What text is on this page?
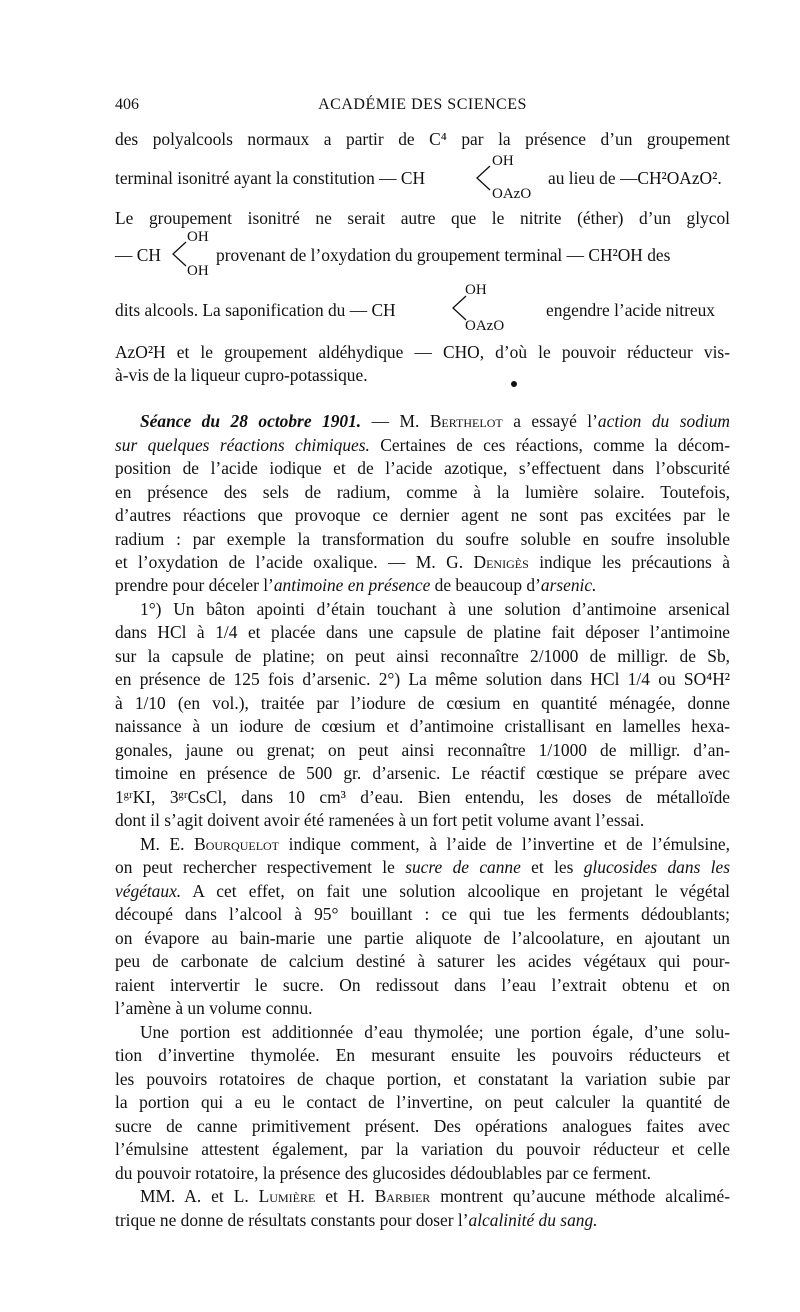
406	ACADÉMIE DES SCIENCES
des polyalcools normaux a partir de C⁴ par la présence d’un groupement
terminal isonitré ayant la constitution — CH
OH
OAzO
au lieu de —CH²OAzO².
Le groupement isonitré ne serait autre que le nitrite (éther) d’un glycol
— CH
OH
OH
provenant de l’oxydation du groupement terminal — CH²OH des
dits alcools. La saponification du — CH
OH
OAzO
engendre l’acide nitreux
AzO²H et le groupement aldéhydique — CHO, d’où le pouvoir réducteur vis-
à-vis de la liqueur cupro-potassique.
Séance du 28 octobre 1901. — M. Berthelot a essayé l’action du sodium
sur quelques réactions chimiques. Certaines de ces réactions, comme la décom-
position de l’acide iodique et de l’acide azotique, s’effectuent dans l’obscurité
en présence des sels de radium, comme à la lumière solaire. Toutefois,
d’autres réactions que provoque ce dernier agent ne sont pas excitées par le
radium : par exemple la transformation du soufre soluble en soufre insoluble
et l’oxydation de l’acide oxalique. — M. G. Denigès indique les précautions à
prendre pour déceler l’antimoine en présence de beaucoup d’arsenic.
1°) Un bâton apointi d’étain touchant à une solution d’antimoine arsenical
dans HCl à 1/4 et placée dans une capsule de platine fait déposer l’antimoine
sur la capsule de platine; on peut ainsi reconnaître 2/1000 de milligr. de Sb,
en présence de 125 fois d’arsenic. 2°) La même solution dans HCl 1/4 ou SO⁴H²
à 1/10 (en vol.), traitée par l’iodure de cœsium en quantité ménagée, donne
naissance à un iodure de cœsium et d’antimoine cristallisant en lamelles hexa-
gonales, jaune ou grenat; on peut ainsi reconnaître 1/1000 de milligr. d’an-
timoine en présence de 500 gr. d’arsenic. Le réactif cœstique se prépare avec
1ᵍʳKI, 3ᵍʳCsCl, dans 10 cm³ d’eau. Bien entendu, les doses de métalloïde
dont il s’agit doivent avoir été ramenées à un fort petit volume avant l’essai.
M. E. Bourquelot indique comment, à l’aide de l’invertine et de l’émulsine,
on peut rechercher respectivement le sucre de canne et les glucosides dans les
végétaux. A cet effet, on fait une solution alcoolique en projetant le végétal
découpé dans l’alcool à 95° bouillant : ce qui tue les ferments dédoublants;
on évapore au bain-marie une partie aliquote de l’alcoolature, en ajoutant un
peu de carbonate de calcium destiné à saturer les acides végétaux qui pour-
raient intervertir le sucre. On redissout dans l’eau l’extrait obtenu et on
l’amène à un volume connu.
Une portion est additionnée d’eau thymolée; une portion égale, d’une solu-
tion d’invertine thymolée. En mesurant ensuite les pouvoirs réducteurs et
les pouvoirs rotatoires de chaque portion, et constatant la variation subie par
la portion qui a eu le contact de l’invertine, on peut calculer la quantité de
sucre de canne primitivement présent. Des opérations analogues faites avec
l’émulsine attestent également, par la variation du pouvoir réducteur et celle
du pouvoir rotatoire, la présence des glucosides dédoublables par ce ferment.
MM. A. et L. Lumière et H. Barbier montrent qu’aucune méthode alcalimé-
trique ne donne de résultats constants pour doser l’alcalinité du sang.
